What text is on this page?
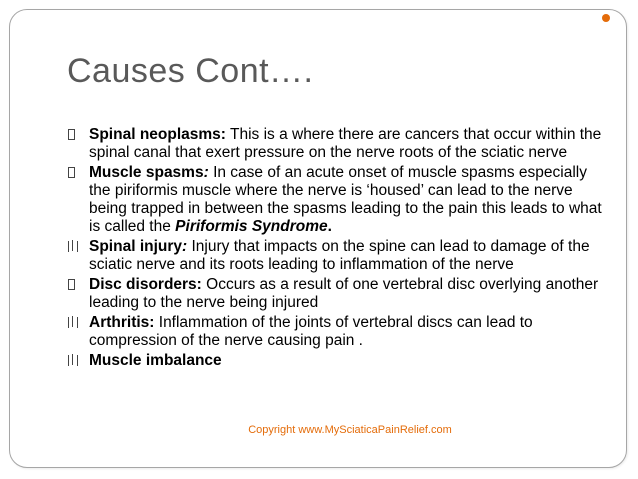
Causes Cont….
Spinal neoplasms: This is a where there are cancers that occur within the spinal canal that exert pressure on the nerve roots of the sciatic nerve
Muscle spasms: In case of an acute onset of muscle spasms especially the piriformis muscle where the nerve is ‘housed’ can lead to the nerve being trapped in between the spasms leading to the pain this leads to what is called the Piriformis Syndrome.
Spinal injury: Injury that impacts on the spine can lead to damage of the sciatic nerve and its roots leading to inflammation of the nerve
Disc disorders: Occurs as a result of one vertebral disc overlying another leading to the nerve being injured
Arthritis: Inflammation of the joints of vertebral discs can lead to compression of the nerve causing pain .
Muscle imbalance
Copyright www.MySciaticaPainRelief.com
